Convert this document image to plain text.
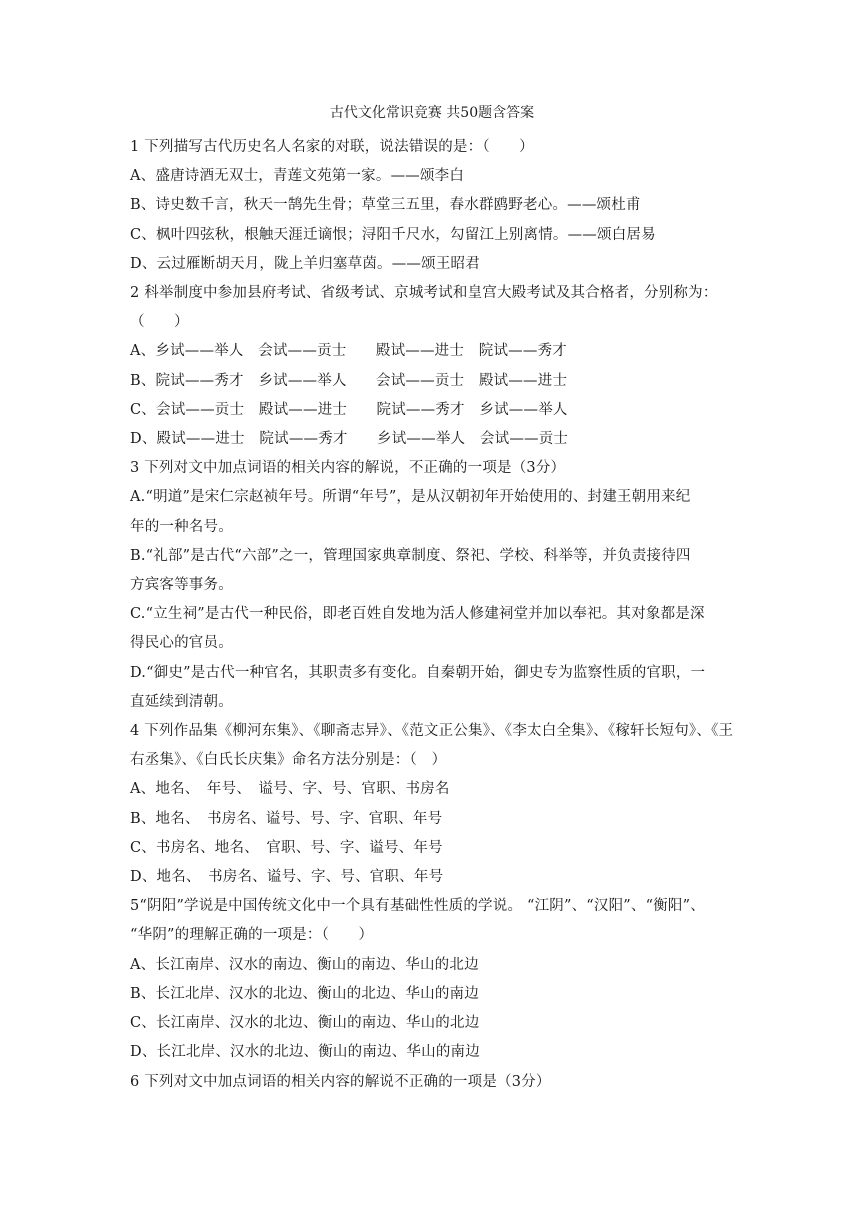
古代文化常识竞赛 共50题含答案

1 下列描写古代历史名人名家的对联，说法错误的是：（　　）

A、盛唐诗酒无双士，青莲文苑第一家。——颂李白

B、诗史数千言，秋天一鹄先生骨；草堂三五里，春水群鸥野老心。——颂杜甫

C、枫叶四弦秋，根触天涯迁谪恨；浔阳千尺水，勾留江上别离情。——颂白居易

D、云过雁断胡天月，陇上羊归塞草茵。——颂王昭君

2 科举制度中参加县府考试、省级考试、京城考试和皇宫大殿考试及其合格者，分别称为：

（　　）

A、乡试——举人　会试——贡士　　殿试——进士　院试——秀才

B、院试——秀才　乡试——举人　　会试——贡士　殿试——进士

C、会试——贡士　殿试——进士　　院试——秀才　乡试——举人

D、殿试——进士　院试——秀才　　乡试——举人　会试——贡士

3 下列对文中加点词语的相关内容的解说，不正确的一项是（3分）

A.“明道”是宋仁宗赵祯年号。所谓“年号”，是从汉朝初年开始使用的、封建王朝用来纪

年的一种名号。

B.“礼部”是古代“六部”之一，管理国家典章制度、祭祀、学校、科举等，并负责接待四

方宾客等事务。

C.“立生祠”是古代一种民俗，即老百姓自发地为活人修建祠堂并加以奉祀。其对象都是深

得民心的官员。

D.“御史”是古代一种官名，其职责多有变化。自秦朝开始，御史专为监察性质的官职，一

直延续到清朝。

4 下列作品集《柳河东集》、《聊斋志异》、《范文正公集》、《李太白全集》、《稼轩长短句》、《王

右丞集》、《白氏长庆集》命名方法分别是：（　）

A、地名、　年号、　谥号、字、号、官职、书房名

B、地名、　书房名、谥号、号、字、官职、年号

C、书房名、地名、　官职、号、字、谥号、年号

D、地名、　书房名、谥号、字、号、官职、年号

5“阴阳”学说是中国传统文化中一个具有基础性性质的学说。 “江阴”、“汉阳”、“衡阳”、

“华阴”的理解正确的一项是：（　　）

A、长江南岸、汉水的南边、衡山的南边、华山的北边

B、长江北岸、汉水的北边、衡山的北边、华山的南边

C、长江南岸、汉水的北边、衡山的南边、华山的北边

D、长江北岸、汉水的北边、衡山的南边、华山的南边

6 下列对文中加点词语的相关内容的解说不正确的一项是（3分）
